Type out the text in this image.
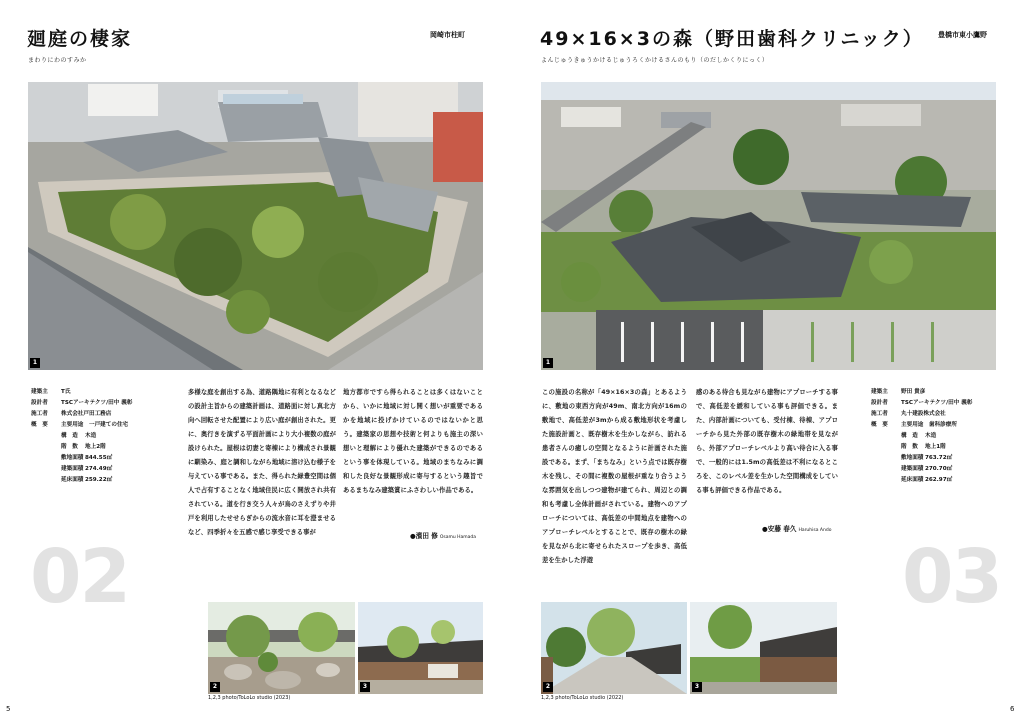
廻庭の棲家
まわりにわのすみか
岡崎市柱町
1
建築主	T氏
設計者	TSCアーキテクツ/田中 義彰
施工者	株式会社戸田工務店
概　要	主要用途　一戸建ての住宅
構　造	木造
階　数	地上2階
敷地面積 844.55㎡
建築面積 274.49㎡
延床面積 259.22㎡
多様な庭を創出する為、道路隅地に有利となるなどの設計主旨からの建築計画は、道路面に対し真北方向へ回転させた配置により広い庭が創出された。更に、奥行きを演ずる平面計画により大小複数の庭が設けられた。屋根は切妻と寄棟により構成され景観に馴染み、庭と調和しながら地域に溶け込む様子を与えている事である。また、得られた緑豊空間は個人で占有することなく地域住民に広く開放され共有されている。道を行き交う人々が鳥のさえずりや井戸を利用したせせらぎからの流水音に耳を澄ませるなど、四季折々を五感で感じ享受できる事が
地方都市ですら得られることは多くはないことから、いかに地域に対し開く想いが重要であるかを地域に投げかけているのではないかと思う。建築家の思想や技術と何よりも施主の深い想いと理解により優れた建築ができるのであるという事を体現している。地域のまちなみに調和した良好な景観形成に寄与するという趣旨であるまちなみ建築賞にふさわしい作品である。
●濱田 修 Osamu Hamada
02
2	3
1,2,3 photo/ToLoLo studio (2023)
5
49×16×3の森（野田歯科クリニック）
よんじゅうきゅうかけるじゅうろくかけるさんのもり（のだしかくりにっく）
豊橋市東小鷹野
1
この施設の名称が「49×16×3の森」とあるように、敷地の東西方向が49m、南北方向が16mの敷地で、高低差が3mから成る敷地形状を考慮した施設計画と、既存樹木を生かしながら、訪れる患者さんの癒しの空間となるように計画された施設である。まず、「まちなみ」という点では既存樹木を残し、その間に複数の屋根が重なり合うような雰囲気を出しつつ建物が建てられ、周辺との調和も考慮し全体計画がされている。建物へのアプローチについては、高低差の中間地点を建物へのアプローチレベルとすることで、既存の樹木の緑を見ながら北に寄せられたスロープを歩き、高低差を生かした浮遊
感のある待合も見ながら建物にアプローチする事で、高低差を緩和している事も評価できる。また、内部計画についても、受付棟、待棟、アプローチから見た外部の既存樹木の緑地帯を見ながら、外部アプローチレベルより高い待合に入る事で、一般的には1.5mの高低差は不利になるところを、このレベル差を生かした空間構成をしている事も評価できる作品である。
●安藤 春久 Haruhisa Ando
建築主	野田 貴彦
設計者	TSCアーキテクツ/田中 義彰
施工者	丸十建設株式会社
概　要	主要用途　歯科診療所
構　造	木造
階　数	地上1階
敷地面積 763.72㎡
建築面積 270.70㎡
延床面積 262.97㎡
03
2	3
1,2,3 photo/ToLoLo studio (2022)
6
